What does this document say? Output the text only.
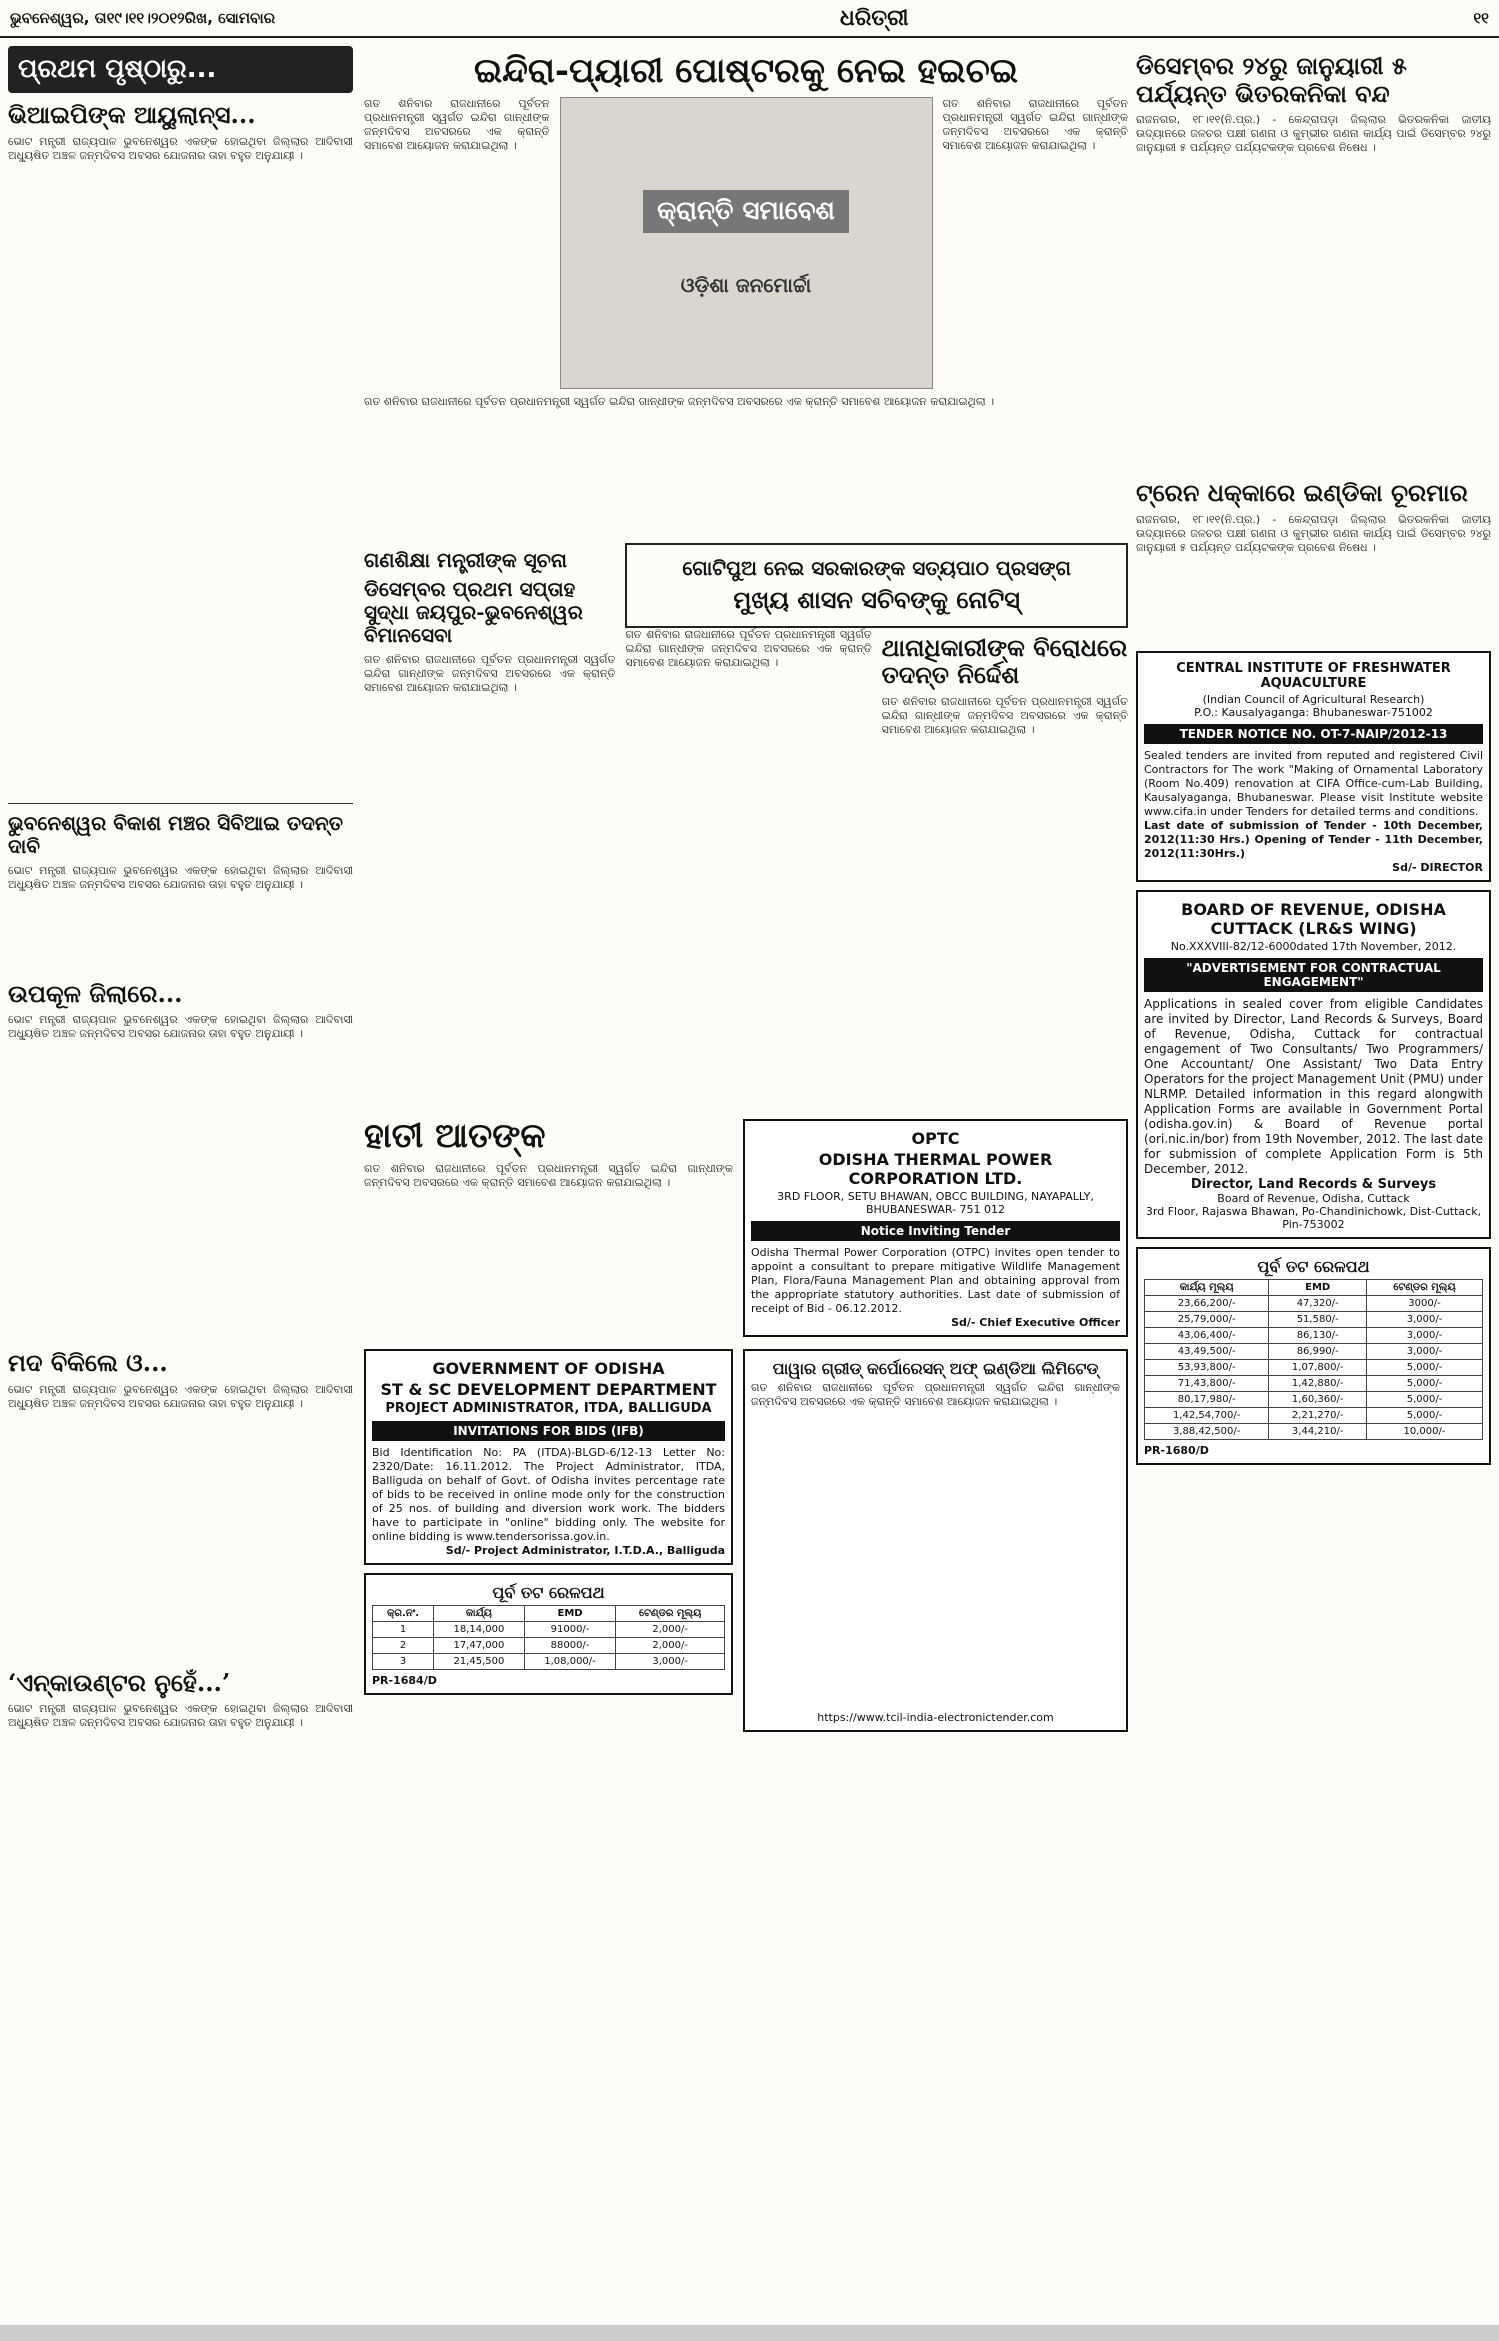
ଭୁବନେଶ୍ୱର, ତା୧୯।୧୧।୨୦୧୨ରିଖ, ସୋମବାର	ଧରିତ୍ରୀ	୧୧
ପ୍ରଥମ ପୃଷ୍ଠାରୁ...
ଭିଆଇପିଙ୍କ ଆୟୁଲାନ୍ସ...
ଭୋଟ ମନ୍ତ୍ରୀ ରାଜ୍ୟପାଳ ଭୁବନେଶ୍ୱର ଏକଙ୍କ ହୋଇଥିବା ଜିଲ୍ଲାର ଆଦିବାସୀ ଅଧ୍ୟୁଷିତ ଅଞ୍ଚଳ ଜନ୍ମଦିବସ ଅବସର ଯୋଜନାର ତାହା ବହୁତ ଅନୁଯାୟୀ ।
ଭୁବନେଶ୍ୱର ବିକାଶ ମଞ୍ଚର ସିବିଆଇ ତଦନ୍ତ ଦାବି
ଭୋଟ ମନ୍ତ୍ରୀ ରାଜ୍ୟପାଳ ଭୁବନେଶ୍ୱର ଏକଙ୍କ ହୋଇଥିବା ଜିଲ୍ଲାର ଆଦିବାସୀ ଅଧ୍ୟୁଷିତ ଅଞ୍ଚଳ ଜନ୍ମଦିବସ ଅବସର ଯୋଜନାର ତାହା ବହୁତ ଅନୁଯାୟୀ ।
ଉପକୂଳ ଜିଲାରେ...
ଭୋଟ ମନ୍ତ୍ରୀ ରାଜ୍ୟପାଳ ଭୁବନେଶ୍ୱର ଏକଙ୍କ ହୋଇଥିବା ଜିଲ୍ଲାର ଆଦିବାସୀ ଅଧ୍ୟୁଷିତ ଅଞ୍ଚଳ ଜନ୍ମଦିବସ ଅବସର ଯୋଜନାର ତାହା ବହୁତ ଅନୁଯାୟୀ ।
ମଦ ବିକିଲେ ଓ...
ଭୋଟ ମନ୍ତ୍ରୀ ରାଜ୍ୟପାଳ ଭୁବନେଶ୍ୱର ଏକଙ୍କ ହୋଇଥିବା ଜିଲ୍ଲାର ଆଦିବାସୀ ଅଧ୍ୟୁଷିତ ଅଞ୍ଚଳ ଜନ୍ମଦିବସ ଅବସର ଯୋଜନାର ତାହା ବହୁତ ଅନୁଯାୟୀ ।
‘ଏନ୍‌କାଉଣ୍ଟର ନୁହେଁ...’
ଭୋଟ ମନ୍ତ୍ରୀ ରାଜ୍ୟପାଳ ଭୁବନେଶ୍ୱର ଏକଙ୍କ ହୋଇଥିବା ଜିଲ୍ଲାର ଆଦିବାସୀ ଅଧ୍ୟୁଷିତ ଅଞ୍ଚଳ ଜନ୍ମଦିବସ ଅବସର ଯୋଜନାର ତାହା ବହୁତ ଅନୁଯାୟୀ ।
ଇନ୍ଦିରା-ପ୍ୟାରୀ ପୋଷ୍ଟରକୁ ନେଇ ହଇଚଇ
ଗତ ଶନିବାର ରାଜଧାନୀରେ ପୂର୍ବତନ ପ୍ରଧାନମନ୍ତ୍ରୀ ସ୍ୱର୍ଗତ ଇନ୍ଦିରା ଗାନ୍ଧୀଙ୍କ ଜନ୍ମଦିବସ ଅବସରରେ ଏକ କ୍ରାନ୍ତି ସମାବେଶ ଆୟୋଜନ କରାଯାଇଥିଲା ।
କ୍ରାନ୍ତି ସମାବେଶ
ଓଡ଼ିଶା ଜନମୋର୍ଚ୍ଚା
ଗତ ଶନିବାର ରାଜଧାନୀରେ ପୂର୍ବତନ ପ୍ରଧାନମନ୍ତ୍ରୀ ସ୍ୱର୍ଗତ ଇନ୍ଦିରା ଗାନ୍ଧୀଙ୍କ ଜନ୍ମଦିବସ ଅବସରରେ ଏକ କ୍ରାନ୍ତି ସମାବେଶ ଆୟୋଜନ କରାଯାଇଥିଲା ।
ଗତ ଶନିବାର ରାଜଧାନୀରେ ପୂର୍ବତନ ପ୍ରଧାନମନ୍ତ୍ରୀ ସ୍ୱର୍ଗତ ଇନ୍ଦିରା ଗାନ୍ଧୀଙ୍କ ଜନ୍ମଦିବସ ଅବସରରେ ଏକ କ୍ରାନ୍ତି ସମାବେଶ ଆୟୋଜନ କରାଯାଇଥିଲା ।
ଗଣଶିକ୍ଷା ମନ୍ତ୍ରୀଙ୍କ ସୂଚନା
ଡିସେମ୍ବର ପ୍ରଥମ ସପ୍ତାହ ସୁଦ୍ଧା ଜୟପୁର-ଭୁବନେଶ୍ୱର ବିମାନସେବା
ଗତ ଶନିବାର ରାଜଧାନୀରେ ପୂର୍ବତନ ପ୍ରଧାନମନ୍ତ୍ରୀ ସ୍ୱର୍ଗତ ଇନ୍ଦିରା ଗାନ୍ଧୀଙ୍କ ଜନ୍ମଦିବସ ଅବସରରେ ଏକ କ୍ରାନ୍ତି ସମାବେଶ ଆୟୋଜନ କରାଯାଇଥିଲା ।
ଗୋଟିପୁଅ ନେଇ ସରକାରଙ୍କ ସତ୍ୟପାଠ ପ୍ରସଙ୍ଗ
ମୁଖ୍ୟ ଶାସନ ସଚିବଙ୍କୁ ନୋଟିସ୍
ଗତ ଶନିବାର ରାଜଧାନୀରେ ପୂର୍ବତନ ପ୍ରଧାନମନ୍ତ୍ରୀ ସ୍ୱର୍ଗତ ଇନ୍ଦିରା ଗାନ୍ଧୀଙ୍କ ଜନ୍ମଦିବସ ଅବସରରେ ଏକ କ୍ରାନ୍ତି ସମାବେଶ ଆୟୋଜନ କରାଯାଇଥିଲା ।
ଥାନାଧିକାରୀଙ୍କ ବିରୋଧରେ ତଦନ୍ତ ନିର୍ଦ୍ଦେଶ
ଗତ ଶନିବାର ରାଜଧାନୀରେ ପୂର୍ବତନ ପ୍ରଧାନମନ୍ତ୍ରୀ ସ୍ୱର୍ଗତ ଇନ୍ଦିରା ଗାନ୍ଧୀଙ୍କ ଜନ୍ମଦିବସ ଅବସରରେ ଏକ କ୍ରାନ୍ତି ସମାବେଶ ଆୟୋଜନ କରାଯାଇଥିଲା ।
ହାତୀ ଆତଙ୍କ
ଗତ ଶନିବାର ରାଜଧାନୀରେ ପୂର୍ବତନ ପ୍ରଧାନମନ୍ତ୍ରୀ ସ୍ୱର୍ଗତ ଇନ୍ଦିରା ଗାନ୍ଧୀଙ୍କ ଜନ୍ମଦିବସ ଅବସରରେ ଏକ କ୍ରାନ୍ତି ସମାବେଶ ଆୟୋଜନ କରାଯାଇଥିଲା ।
OPTC
ODISHA THERMAL POWER CORPORATION LTD.
3RD FLOOR, SETU BHAWAN, OBCC BUILDING, NAYAPALLY, BHUBANESWAR- 751 012
Notice Inviting Tender
Odisha Thermal Power Corporation (OTPC) invites open tender to appoint a consultant to prepare mitigative Wildlife Management Plan, Flora/Fauna Management Plan and obtaining approval from the appropriate statutory authorities. Last date of submission of receipt of Bid - 06.12.2012.
Sd/- Chief Executive Officer
GOVERNMENT OF ODISHA
ST & SC DEVELOPMENT DEPARTMENT
PROJECT ADMINISTRATOR, ITDA, BALLIGUDA
INVITATIONS FOR BIDS (IFB)
Bid Identification No: PA (ITDA)-BLGD-6/12-13 Letter No: 2320/Date: 16.11.2012. The Project Administrator, ITDA, Balliguda on behalf of Govt. of Odisha invites percentage rate of bids to be received in online mode only for the construction of 25 nos. of building and diversion work work. The bidders have to participate in "online" bidding only. The website for online bidding is www.tendersorissa.gov.in.
Sd/- Project Administrator, I.T.D.A., Balliguda
ପୂର୍ବ ତଟ ରେଳପଥ
କ୍ର.ନଂ.	କାର୍ଯ୍ୟ	EMD	ଟେଣ୍ଡର ମୂଲ୍ୟ
1	18,14,000	91000/-	2,000/-
2	17,47,000	88000/-	2,000/-
3	21,45,500	1,08,000/-	3,000/-
PR-1684/D
ପାୱାର ଗ୍ରୀଡ୍ କର୍ପୋରେସନ୍ ଅଫ୍ ଇଣ୍ଡିଆ ଲିମିଟେଡ୍
ଗତ ଶନିବାର ରାଜଧାନୀରେ ପୂର୍ବତନ ପ୍ରଧାନମନ୍ତ୍ରୀ ସ୍ୱର୍ଗତ ଇନ୍ଦିରା ଗାନ୍ଧୀଙ୍କ ଜନ୍ମଦିବସ ଅବସରରେ ଏକ କ୍ରାନ୍ତି ସମାବେଶ ଆୟୋଜନ କରାଯାଇଥିଲା ।
https://www.tcil-india-electronictender.com
ଡିସେମ୍ବର ୨୪ରୁ ଜାନୁୟାରୀ ୫ ପର୍ଯ୍ୟନ୍ତ ଭିତରକନିକା ବନ୍ଦ
ରାଜନଗର, ୧୮।୧୧(ନି.ପ୍ର.) - କେନ୍ଦ୍ରାପଡ଼ା ଜିଲ୍ଲାର ଭିତରକନିକା ଜାତୀୟ ଉଦ୍ୟାନରେ ଜଳଚର ପକ୍ଷୀ ଗଣନା ଓ କୁମ୍ଭୀର ଗଣନା କାର୍ଯ୍ୟ ପାଇଁ ଡିସେମ୍ବର ୨୪ରୁ ଜାନୁୟାରୀ ୫ ପର୍ଯ୍ୟନ୍ତ ପର୍ଯ୍ୟଟକଙ୍କ ପ୍ରବେଶ ନିଷେଧ ।
ଟ୍ରେନ ଧକ୍କାରେ ଇଣ୍ଡିକା ଚୂରମାର
ରାଜନଗର, ୧୮।୧୧(ନି.ପ୍ର.) - କେନ୍ଦ୍ରାପଡ଼ା ଜିଲ୍ଲାର ଭିତରକନିକା ଜାତୀୟ ଉଦ୍ୟାନରେ ଜଳଚର ପକ୍ଷୀ ଗଣନା ଓ କୁମ୍ଭୀର ଗଣନା କାର୍ଯ୍ୟ ପାଇଁ ଡିସେମ୍ବର ୨୪ରୁ ଜାନୁୟାରୀ ୫ ପର୍ଯ୍ୟନ୍ତ ପର୍ଯ୍ୟଟକଙ୍କ ପ୍ରବେଶ ନିଷେଧ ।
CENTRAL INSTITUTE OF FRESHWATER AQUACULTURE
(Indian Council of Agricultural Research)
P.O.: Kausalyaganga: Bhubaneswar-751002
TENDER NOTICE NO. OT-7-NAIP/2012-13
Sealed tenders are invited from reputed and registered Civil Contractors for The work "Making of Ornamental Laboratory (Room No.409) renovation at CIFA Office-cum-Lab Building, Kausalyaganga, Bhubaneswar. Please visit Institute website www.cifa.in under Tenders for detailed terms and conditions.
Last date of submission of Tender - 10th December, 2012(11:30 Hrs.) Opening of Tender - 11th December, 2012(11:30Hrs.)
Sd/- DIRECTOR
BOARD OF REVENUE, ODISHA CUTTACK (LR&S WING)
No.XXXVIII-82/12-6000dated 17th November, 2012.
"ADVERTISEMENT FOR CONTRACTUAL ENGAGEMENT"
Applications in sealed cover from eligible Candidates are invited by Director, Land Records & Surveys, Board of Revenue, Odisha, Cuttack for contractual engagement of Two Consultants/ Two Programmers/ One Accountant/ One Assistant/ Two Data Entry Operators for the project Management Unit (PMU) under NLRMP. Detailed information in this regard alongwith Application Forms are available in Government Portal (odisha.gov.in) & Board of Revenue portal (ori.nic.in/bor) from 19th November, 2012. The last date for submission of complete Application Form is 5th December, 2012.
Director, Land Records & Surveys
Board of Revenue, Odisha, Cuttack
3rd Floor, Rajaswa Bhawan, Po-Chandinichowk, Dist-Cuttack, Pin-753002
ପୂର୍ବ ତଟ ରେଳପଥ
କାର୍ଯ୍ୟ ମୂଲ୍ୟ	EMD	ଟେଣ୍ଡର ମୂଲ୍ୟ
23,66,200/-	47,320/-	3000/-
25,79,000/-	51,580/-	3,000/-
43,06,400/-	86,130/-	3,000/-
43,49,500/-	86,990/-	3,000/-
53,93,800/-	1,07,800/-	5,000/-
71,43,800/-	1,42,880/-	5,000/-
80,17,980/-	1,60,360/-	5,000/-
1,42,54,700/-	2,21,270/-	5,000/-
3,88,42,500/-	3,44,210/-	10,000/-
PR-1680/D
